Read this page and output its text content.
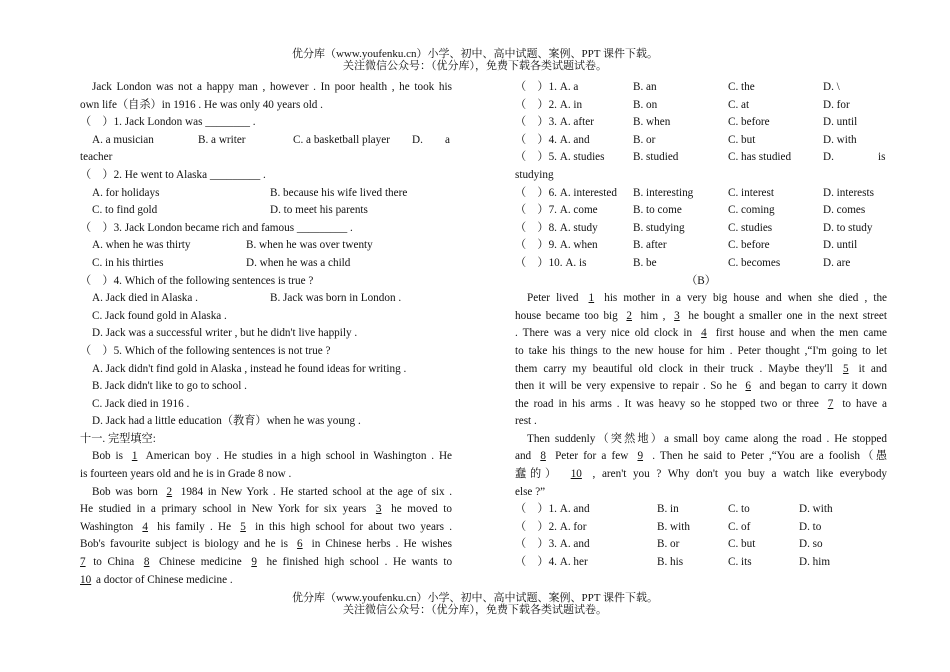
优分库（www.youfenku.cn）小学、初中、高中试题、案例、PPT 课件下载。
关注微信公众号：（优分库），免费下载各类试题试卷。
Jack London was not a happy man , however . In poor health , he took his
own life（自杀）in 1916 . He was only 40 years old .
（　）1. Jack London was ________ .
A. a musician	B. a writer	C. a basketball player D. a
teacher
（　）2. He went to Alaska _________ .
A. for holidays	B. because his wife lived there
C. to find gold	D. to meet his parents
（　）3. Jack London became rich and famous _________ .
A. when he was thirty	B. when he was over twenty
C. in his thirties	D. when he was a child
（　）4. Which of the following sentences is true ?
A. Jack died in Alaska .	B. Jack was born in London .
C. Jack found gold in Alaska .
D. Jack was a successful writer , but he didn't live happily .
（　）5. Which of the following sentences is not true ?
A. Jack didn't find gold in Alaska , instead he found ideas for writing .
B. Jack didn't like to go to school .
C. Jack died in 1916 .
D. Jack had a little education（教育）when he was young .
十一. 完型填空:
Bob is 1 American boy . He studies in a high school in Washington . He
is fourteen years old and he is in Grade 8 now .
Bob was born 2 1984 in New York . He started school at the age of six .
He studied in a primary school in New York for six years 3 he moved to
Washington 4 his family . He 5 in this high school for about two years .
Bob's favourite subject is biology and he is 6 in Chinese herbs . He wishes
7 to China 8 Chinese medicine 9 he finished high school . He wants to
10 a doctor of Chinese medicine .
（　）1. A. a	B. an	C. the	D. \
（　）2. A. in	B. on	C. at	D. for
（　）3. A. after	B. when	C. before	D. until
（　）4. A. and	B. or	C. but	D. with
（　）5. A. studies	B. studied	C. has studied	D.	is
studying
（　）6. A. interested B. interesting	C. interest	D. interests
（　）7. A. come	B. to come	C. coming	D. comes
（　）8. A. study	B. studying	C. studies	D. to study
（　）9. A. when	B. after	C. before	D. until
（　）10. A. is	B. be	C. becomes	D. are
（B）
Peter lived 1 his mother in a very big house and when she died , the
house became too big 2 him , 3 he bought a smaller one in the next street
. There was a very nice old clock in 4 first house and when the men came
to take his things to the new house for him . Peter thought ,“I'm going to let
them carry my beautiful old clock in their truck . Maybe they'll 5 it and
then it will be very expensive to repair . So he 6 and began to carry it down
the road in his arms . It was heavy so he stopped two or three 7 to have a
rest .
Then suddenly（突然地）a small boy came along the road . He stopped
and 8 Peter for a few 9 . Then he said to Peter ,“You are a foolish（愚
蠢的） 10 , aren't you ? Why don't you buy a watch like everybody
else ?”
（　）1. A. and	B. in	C. to	D. with
（　）2. A. for	B. with	C. of	D. to
（　）3. A. and	B. or	C. but	D. so
（　）4. A. her	B. his	C. its	D. him
优分库（www.youfenku.cn）小学、初中、高中试题、案例、PPT 课件下载。
关注微信公众号：（优分库），免费下载各类试题试卷。
